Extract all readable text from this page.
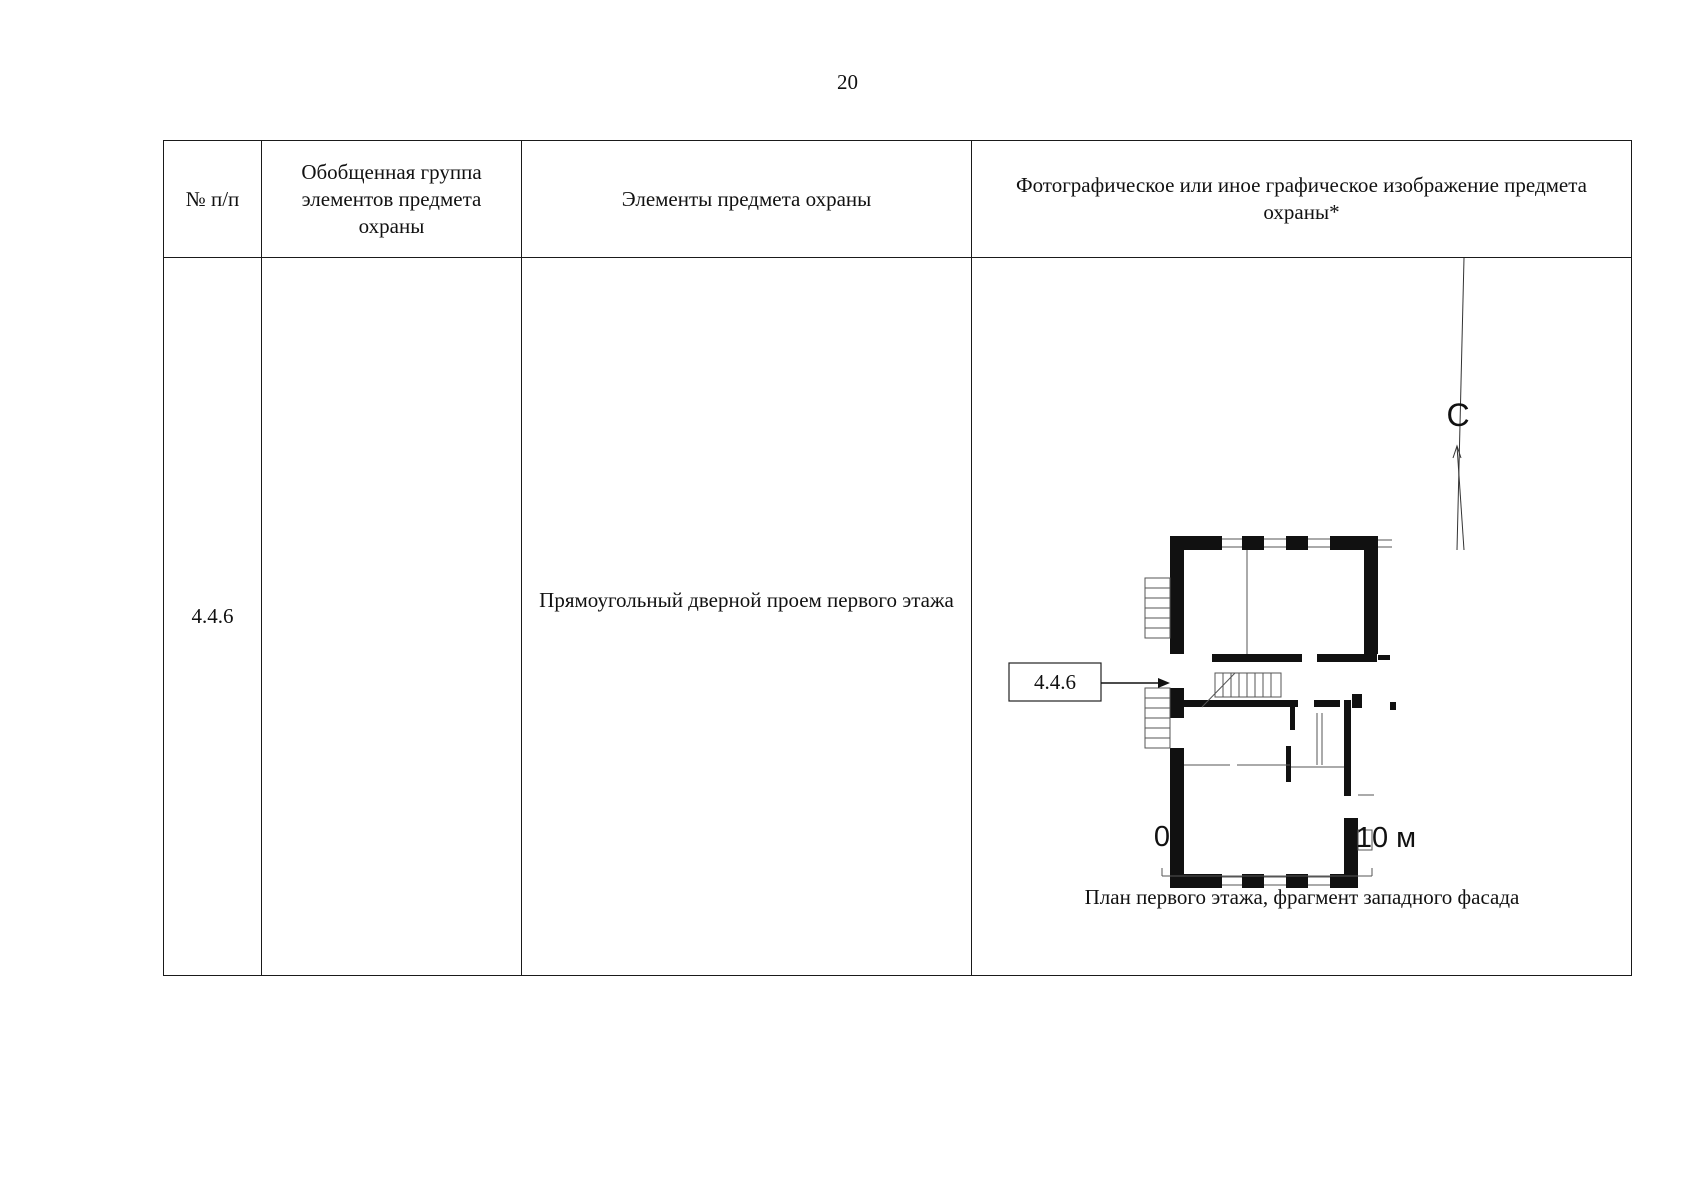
20
№ п/п	Обобщенная группа элементов предмета охраны	Элементы предмета охраны	Фотографическое или иное графическое изображение предмета охраны*
4.4.6		Прямоугольный дверной проем первого этажа	С
4.4.6
0 10 м
План первого этажа, фрагмент западного фасада
